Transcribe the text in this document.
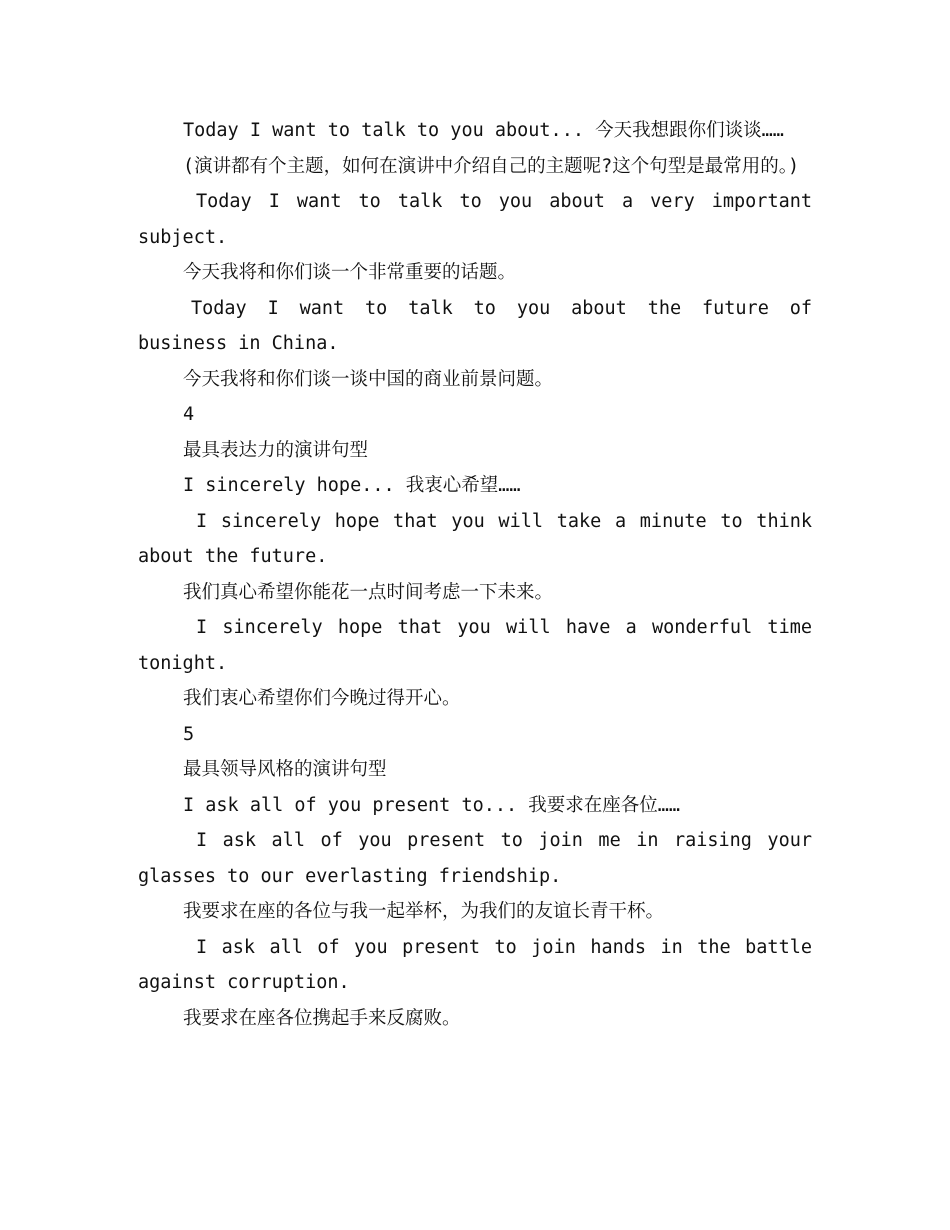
Today I want to talk to you about... 今天我想跟你们谈谈……

(演讲都有个主题，如何在演讲中介绍自己的主题呢?这个句型是最常用的。)

Today I want to talk to you about a very important subject.

今天我将和你们谈一个非常重要的话题。

Today I want to talk to you about the future of business in China.

今天我将和你们谈一谈中国的商业前景问题。

4

最具表达力的演讲句型

I sincerely hope... 我衷心希望……

I sincerely hope that you will take a minute to think about the future.

我们真心希望你能花一点时间考虑一下未来。

I sincerely hope that you will have a wonderful time tonight.

我们衷心希望你们今晚过得开心。

5

最具领导风格的演讲句型

I ask all of you present to... 我要求在座各位……

I ask all of you present to join me in raising your glasses to our everlasting friendship.

我要求在座的各位与我一起举杯，为我们的友谊长青干杯。

I ask all of you present to join hands in the battle against corruption.

我要求在座各位携起手来反腐败。
